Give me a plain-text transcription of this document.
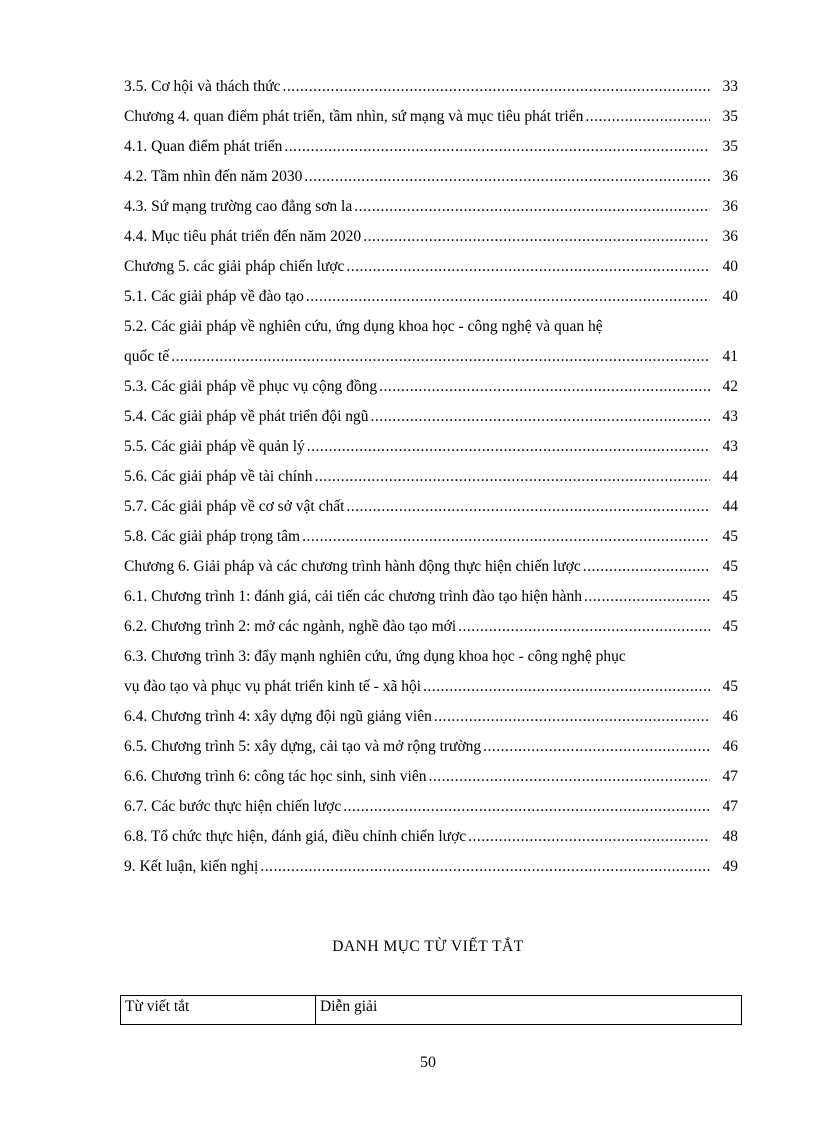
3.5. Cơ hội và thách thức .....	33
Chương 4. quan điểm phát triển, tầm nhìn, sứ mạng và mục tiêu phát triển .....	35
4.1. Quan điểm phát triển .....	35
4.2. Tầm nhìn đến năm 2030 .....	36
4.3. Sứ mạng trường cao đẳng sơn la .....	36
4.4. Mục tiêu phát triển đến năm 2020 .....	36
Chương 5. các giải pháp chiến lược .....	40
5.1. Các giải pháp về đào tạo .....	40
5.2. Các giải pháp về nghiên cứu, ứng dụng khoa học - công nghệ và quan hệ
quốc tế .....	41
5.3. Các giải pháp về phục vụ cộng đồng .....	42
5.4. Các giải pháp về phát triển đội ngũ .....	43
5.5. Các giải pháp về quản lý .....	43
5.6. Các giải pháp về tài chính .....	44
5.7. Các giải pháp về cơ sở vật chất .....	44
5.8. Các giải pháp trọng tâm .....	45
Chương 6. Giải pháp và các chương trình hành động thực hiện chiến lược .....	45
6.1. Chương trình 1: đánh giá, cải tiến các chương trình đào tạo hiện hành .....	45
6.2. Chương trình 2: mở các ngành, nghề đào tạo mới .....	45
6.3. Chương trình 3: đẩy mạnh nghiên cứu, ứng dụng khoa học - công nghệ phục
vụ đào tạo và phục vụ phát triển kinh tế - xã hội .....	45
6.4. Chương trình 4: xây dựng đội ngũ giảng viên .....	46
6.5. Chương trình 5: xây dựng, cải tạo và mở rộng trường .....	46
6.6. Chương trình 6: công tác học sinh, sinh viên .....	47
6.7. Các bước thực hiện chiến lược .....	47
6.8. Tổ chức thực hiện, đánh giá, điều chỉnh chiến lược .....	48
9. Kết luận, kiến nghị .....	49
DANH MỤC TỪ VIẾT TẮT
Từ viết tắt	Diễn giải
50
